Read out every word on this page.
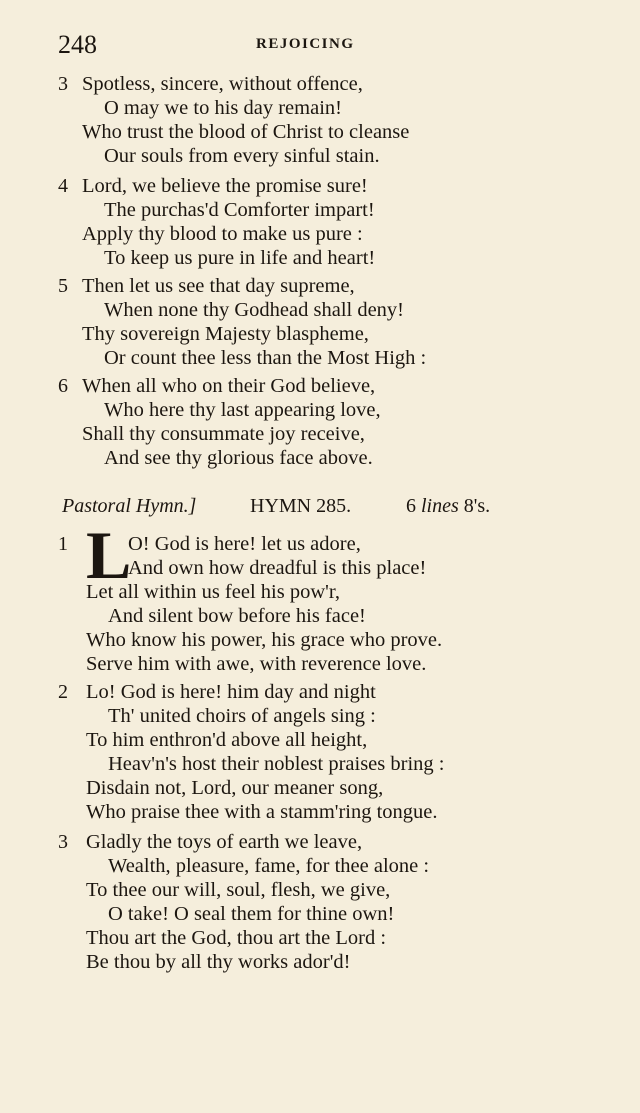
248	REJOICING
3 Spotless, sincere, without offence,
O may we to his day remain!
Who trust the blood of Christ to cleanse
Our souls from every sinful stain.
4 Lord, we believe the promise sure!
The purchas'd Comforter impart!
Apply thy blood to make us pure :
To keep us pure in life and heart!
5 Then let us see that day supreme,
When none thy Godhead shall deny!
Thy sovereign Majesty blaspheme,
Or count thee less than the Most High :
6 When all who on their God believe,
Who here thy last appearing love,
Shall thy consummate joy receive,
And see thy glorious face above.
Pastoral Hymn.]	HYMN 285.	6 lines 8's.
1 L
O! God is here! let us adore,
And own how dreadful is this place!
Let all within us feel his pow'r,
And silent bow before his face!
Who know his power, his grace who prove.
Serve him with awe, with reverence love.
2 Lo! God is here! him day and night
Th' united choirs of angels sing :
To him enthron'd above all height,
Heav'n's host their noblest praises bring :
Disdain not, Lord, our meaner song,
Who praise thee with a stamm'ring tongue.
3 Gladly the toys of earth we leave,
Wealth, pleasure, fame, for thee alone :
To thee our will, soul, flesh, we give,
O take! O seal them for thine own!
Thou art the God, thou art the Lord :
Be thou by all thy works ador'd!
